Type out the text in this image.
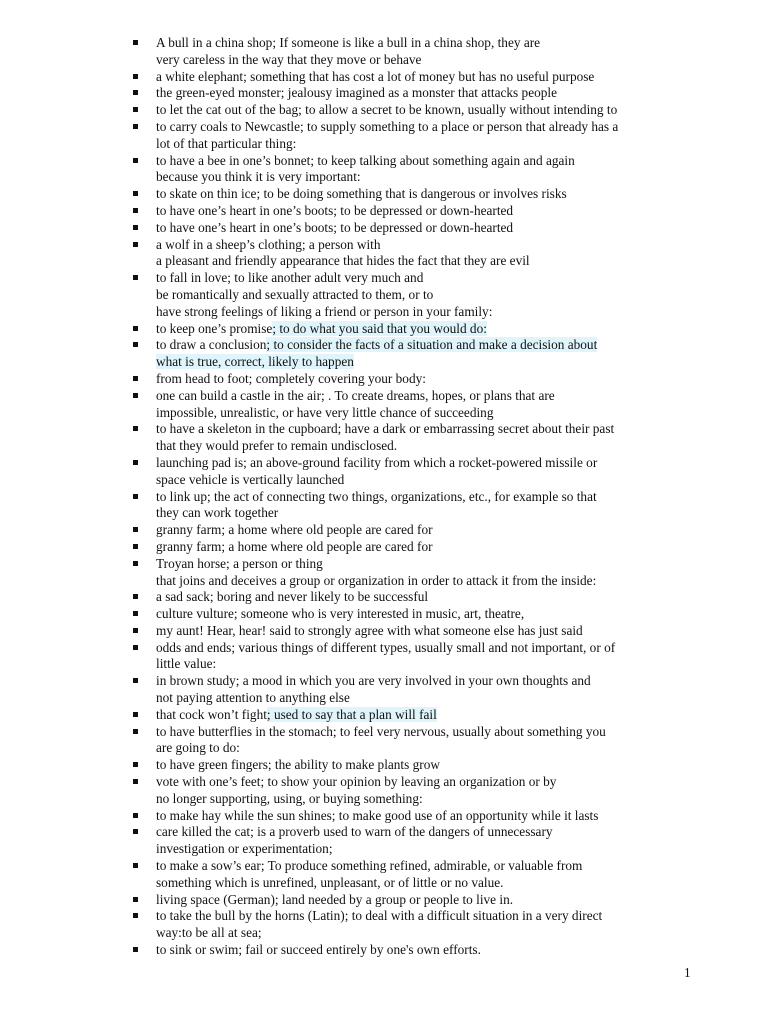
A bull in a china shop; If someone is like a bull in a china shop, they are
very careless in the way that they move or behave
a white elephant; something that has cost a lot of money but has no useful purpose
the green-eyed monster; jealousy imagined as a monster that attacks people
to let the cat out of the bag; to allow a secret to be known, usually without intending to
to carry coals to Newcastle; to supply something to a place or person that already has a
lot of that particular thing:
to have a bee in one’s bonnet; to keep talking about something again and again
because you think it is very important:
to skate on thin ice; to be doing something that is dangerous or involves risks
to have one’s heart in one’s boots; to be depressed or down-hearted
to have one’s heart in one’s boots; to be depressed or down-hearted
a wolf in a sheep’s clothing; a person with
a pleasant and friendly appearance that hides the fact that they are evil
to fall in love; to like another adult very much and
be romantically and sexually attracted to them, or to
have strong feelings of liking a friend or person in your family:
to keep one’s promise; to do what you said that you would do:
to draw a conclusion; to consider the facts of a situation and make a decision about
what is true, correct, likely to happen
from head to foot; completely covering your body:
one can build a castle in the air; . To create dreams, hopes, or plans that are
impossible, unrealistic, or have very little chance of succeeding
to have a skeleton in the cupboard; have a dark or embarrassing secret about their past
that they would prefer to remain undisclosed.
launching pad is; an above-ground facility from which a rocket-powered missile or
space vehicle is vertically launched
to link up; the act of connecting two things, organizations, etc., for example so that
they can work together
granny farm; a home where old people are cared for
granny farm; a home where old people are cared for
Troyan horse; a person or thing
that joins and deceives a group or organization in order to attack it from the inside:
a sad sack; boring and never likely to be successful
culture vulture; someone who is very interested in music, art, theatre,
my aunt! Hear, hear! said to strongly agree with what someone else has just said
odds and ends; various things of different types, usually small and not important, or of
little value:
in brown study; a mood in which you are very involved in your own thoughts and
not paying attention to anything else
that cock won’t fight; used to say that a plan will fail
to have butterflies in the stomach; to feel very nervous, usually about something you
are going to do:
to have green fingers; the ability to make plants grow
vote with one’s feet; to show your opinion by leaving an organization or by
no longer supporting, using, or buying something:
to make hay while the sun shines; to make good use of an opportunity while it lasts
care killed the cat; is a proverb used to warn of the dangers of unnecessary
investigation or experimentation;
to make a sow’s ear; To produce something refined, admirable, or valuable from
something which is unrefined, unpleasant, or of little or no value.
living space (German); land needed by a group or people to live in.
to take the bull by the horns (Latin); to deal with a difficult situation in a very direct
way:to be all at sea;
to sink or swim; fail or succeed entirely by one's own efforts.
1
